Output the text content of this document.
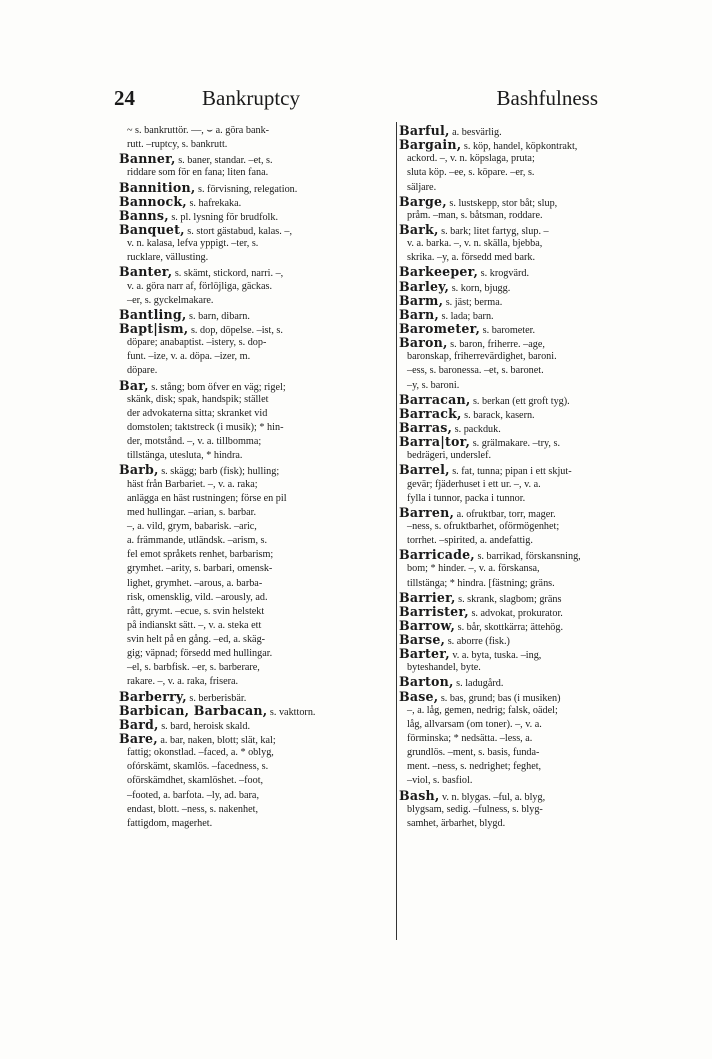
24	Bankruptcy	Bashfulness
~ s. bankruttör. —, ⌣ a. göra bank-
rutt. –ruptcy, s. bankrutt.
Banner, s. baner, standar. –et, s.
riddare som för en fana; liten fana.
Bannition, s. förvisning, relegation.
Bannock, s. hafrekaka.
Banns, s. pl. lysning för brudfolk.
Banquet, s. stort gästabud, kalas. –,
v. n. kalasa, lefva yppigt. –ter, s.
rucklare, vällusting.
Banter, s. skämt, stickord, narri. –,
v. a. göra narr af, förlöjliga, gäckas.
–er, s. gyckelmakare.
Bantling, s. barn, dibarn.
Bapt|ism, s. dop, döpelse. –ist, s.
döpare; anabaptist. –istery, s. dop-
funt. –ize, v. a. döpa. –izer, m.
döpare.
Bar, s. stång; bom öfver en väg; rigel;
skänk, disk; spak, handspik; stället
der advokaterna sitta; skranket vid
domstolen; taktstreck (i musik); * hin-
der, motstånd. –, v. a. tillbomma;
tillstänga, utesluta, * hindra.
Barb, s. skägg; barb (fisk); hulling;
häst från Barbariet. –, v. a. raka;
anlägga en häst rustningen; förse en pil
med hullingar. –arian, s. barbar.
–, a. vild, grym, babarisk. –aric,
a. främmande, utländsk. –arism, s.
fel emot språkets renhet, barbarism;
grymhet. –arity, s. barbari, omensk-
lighet, grymhet. –arous, a. barba-
risk, omensklig, vild. –arously, ad.
rått, grymt. –ecue, s. svin helstekt
på indianskt sätt. –, v. a. steka ett
svin helt på en gång. –ed, a. skäg-
gig; väpnad; försedd med hullingar.
–el, s. barbfisk. –er, s. barberare,
rakare. –, v. a. raka, frisera.
Barberry, s. berberisbär.
Barbican, Barbacan, s. vakttorn.
Bard, s. bard, heroisk skald.
Bare, a. bar, naken, blott; slät, kal;
fattig; okonstlad. –faced, a. * oblyg,
ofórskämt, skamlös. –facedness, s.
oförskämdhet, skamlöshet. –foot,
–footed, a. barfota. –ly, ad. bara,
endast, blott. –ness, s. nakenhet,
fattigdom, magerhet.
Barful, a. besvärlig.
Bargain, s. köp, handel, köpkontrakt,
ackord. –, v. n. köpslaga, pruta;
sluta köp. –ee, s. köpare. –er, s.
säljare.
Barge, s. lustskepp, stor båt; slup,
pråm. –man, s. båtsman, roddare.
Bark, s. bark; litet fartyg, slup. –
v. a. barka. –, v. n. skälla, bjebba,
skrika. –y, a. försedd med bark.
Barkeeper, s. krogvärd.
Barley, s. korn, bjugg.
Barm, s. jäst; berma.
Barn, s. lada; barn.
Barometer, s. barometer.
Baron, s. baron, friherre. –age,
baronskap, friherrevärdighet, baroni.
–ess, s. baronessa. –et, s. baronet.
–y, s. baroni.
Barracan, s. berkan (ett groft tyg).
Barrack, s. barack, kasern.
Barras, s. packduk.
Barra|tor, s. grälmakare. –try, s.
bedrägeri, underslef.
Barrel, s. fat, tunna; pipan i ett skjut-
gevär; fjäderhuset i ett ur. –, v. a.
fylla i tunnor, packa i tunnor.
Barren, a. ofruktbar, torr, mager.
–ness, s. ofruktbarhet, oförmögenhet;
torrhet. –spirited, a. andefattig.
Barricade, s. barrikad, förskansning,
bom; * hinder. –, v. a. förskansa,
tillstänga; * hindra. [fästning; gräns.
Barrier, s. skrank, slagbom; gräns
Barrister, s. advokat, prokurator.
Barrow, s. bår, skottkärra; ättehög.
Barse, s. aborre (fisk.)
Barter, v. a. byta, tuska. –ing,
byteshandel, byte.
Barton, s. ladugård.
Base, s. bas, grund; bas (i musiken)
–, a. låg, gemen, nedrig; falsk, oädel;
låg, allvarsam (om toner). –, v. a.
förminska; * nedsätta. –less, a.
grundlös. –ment, s. basis, funda-
ment. –ness, s. nedrighet; feghet,
–viol, s. basfiol.
Bash, v. n. blygas. –ful, a. blyg,
blygsam, sedig. –fulness, s. blyg-
samhet, ärbarhet, blygd.
